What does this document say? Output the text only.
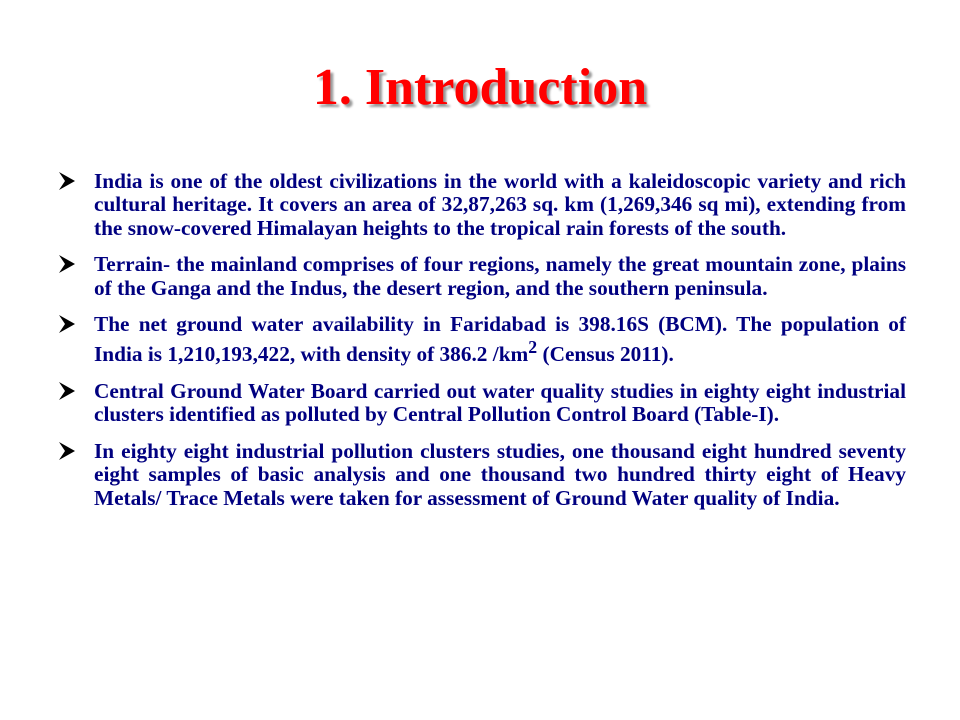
1. Introduction
India is one of the oldest civilizations in the world with a kaleidoscopic variety and rich cultural heritage. It covers an area of 32,87,263 sq. km (1,269,346 sq mi), extending from the snow-covered Himalayan heights to the tropical rain forests of the south.
Terrain- the mainland comprises of four regions, namely the great mountain zone, plains of the Ganga and the Indus, the desert region, and the southern peninsula.
The net ground water availability in Faridabad is 398.16S (BCM). The population of India is 1,210,193,422, with density of 386.2 $/km^2$ (Census 2011).
Central Ground Water Board carried out water quality studies in eighty eight industrial clusters identified as polluted by Central Pollution Control Board (Table-I).
In eighty eight industrial pollution clusters studies, one thousand eight hundred seventy eight samples of basic analysis and one thousand two hundred thirty eight of Heavy Metals/ Trace Metals were taken for assessment of Ground Water quality of India.
